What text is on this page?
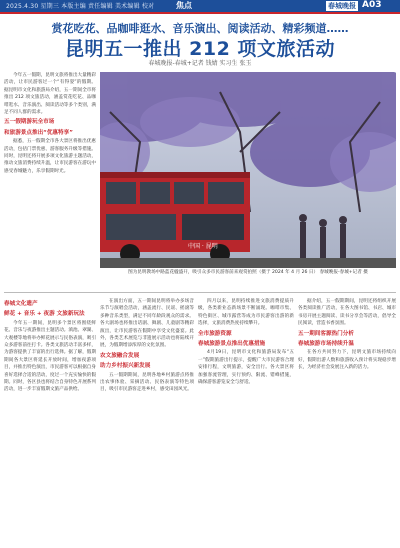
2025.4.30 星期三 本版主编 责任编辑 美术编辑 校对	焦点	春城晚报 A03
赏花吃花、品咖啡逛水、音乐演出、阅读活动、精彩频道……
昆明五一推出 212 项文旅活动
春城晚报-春城+记者 钱婧 实习生 张玉

今年五一假期，昆明文旅将推出大量精彩活动，让市民游客过一个“有得耍”的假期。据昆明市文化和旅游局介绍，五一期间全市将推出 212 项文旅活动，涵盖赏花吃花、品咖啡逛水、音乐演出、阅读活动等多个类别，满足不同人群的需求。

五一假期游玩全市场
和旅游景点推出“优惠特享”

据悉，五一假期全市各大景区将推出优惠活动，包括门票优惠、游客服务升级等措施。同时，昆明还将开展多项文化旅游主题活动，推动文旅消费持续升温，让市民游客在游玩中感受春城魅力，乐享假期时光。

中国 · 昆明
图为昆明教场中路蓝花楹盛开，吸引众多市民游客前来观赏拍照（摄于 2024 年 4 月 26 日） 春城晚报-春城+记者 摄
春城文化遗产
鲜花 + 音乐 + 夜游 文旅新玩法

今年五一期间，昆明多个景区将围绕鲜花、音乐与夜游推出主题活动。滇池、翠湖、大观楼等地将举办鲜花展示与民俗表演，吸引众多游客前往打卡。各类文旅活动丰富多样，为游客提供了丰富的出行选择。据了解，假期期间各大景区将延长开放时间，增加夜游项目，并推出特色演出，市民游客可以根据自身喜好选择合适的活动，度过一个充实愉快的假期。同时，各区县也将结合自身特色开展系列活动，进一步丰富假期文旅产品供给。

在演出方面，五一期间昆明将举办多场音乐节与演唱会活动，涵盖流行、民谣、摇滚等多种音乐类型，满足不同年龄段观众的需求。各大剧场也将推出话剧、舞剧、儿童剧等精彩演出，让市民游客在假期中享受文化盛宴。此外，各类艺术展览与非遗展示活动也将陆续开展，为假期增添浓厚的文化氛围。

农文旅融合发展
助力乡村振兴新发展

五一假期期间，昆明各地乡村旅游点将推出农事体验、采摘活动、民俗表演等特色项目，吸引市民游客走进乡村，感受田园风光。

四月以来，昆明持续推进文旅消费提质升级，各类新业态新场景不断涌现。咖啡市集、特色街区、城市露营等成为市民游客出游的新选择，文旅消费热度持续攀升。

全市旅游资源
春城旅游景点推出优惠措施

4月19日，昆明市文化和旅游局发布“五一”假期旅游出行提示，提醒广大市民游客合理安排行程，文明旅游，安全出行。各大景区将加强客流管理，实行预约、限流、错峰措施，确保游客游览安全与舒适。

据介绍，五一假期期间，昆明还将组织开展各类阅读推广活动，在各大图书馆、书店、城市书房开展主题阅读、读书分享会等活动，倡导全民阅读，营造书香氛围。

五一期间客源热门分析
春城旅游市场持续升温

在各方共同努力下，昆明文旅市场持续向好，假期出游人数和旅游收入预计将实现稳步增长，为经济社会发展注入新的活力。
